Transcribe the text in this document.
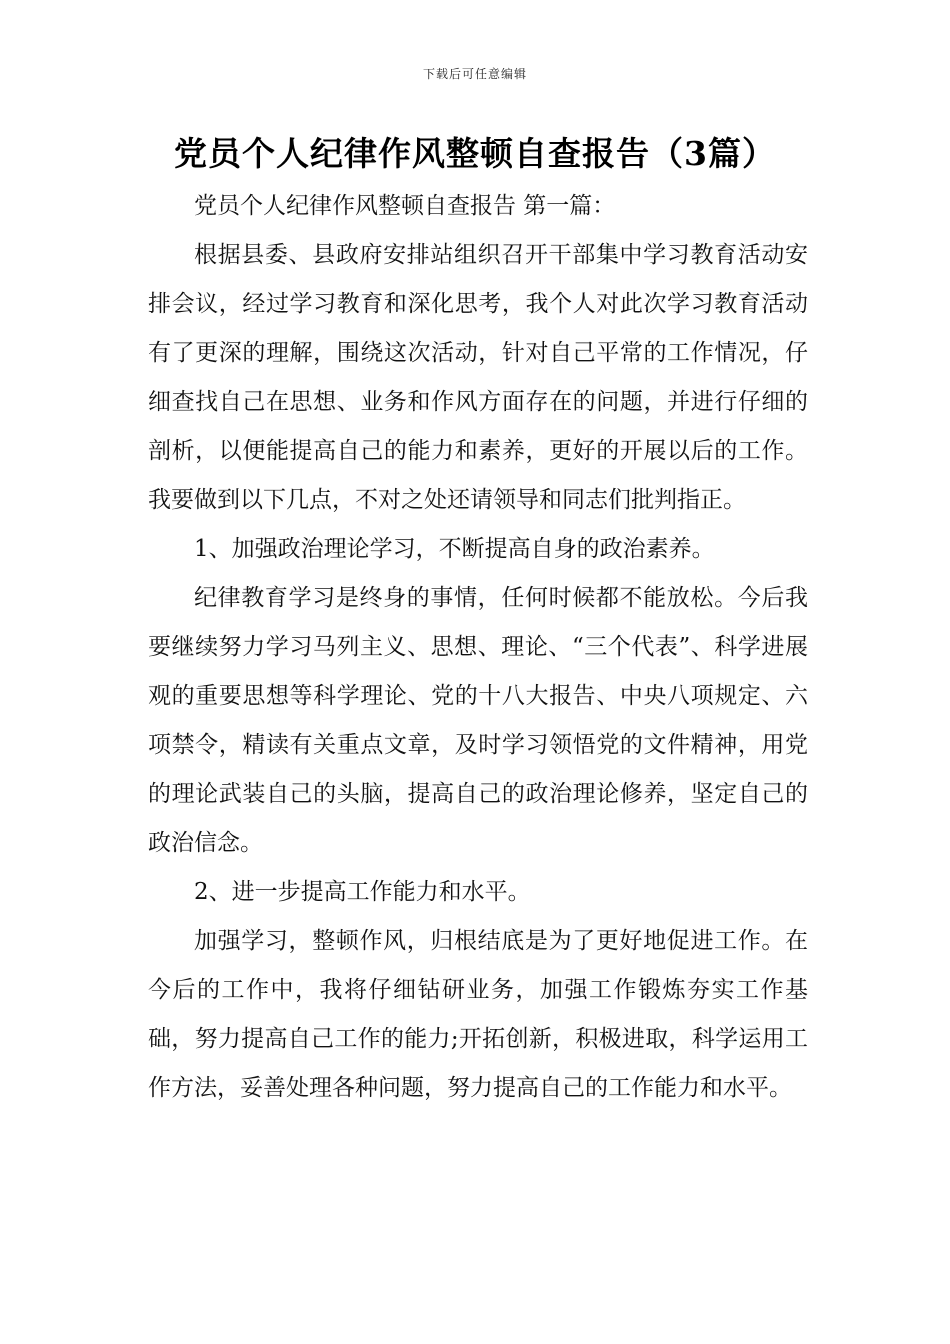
下载后可任意编辑
党员个人纪律作风整顿自查报告（3篇）

党员个人纪律作风整顿自查报告 第一篇：

根据县委、县政府安排站组织召开干部集中学习教育活动安排会议，经过学习教育和深化思考，我个人对此次学习教育活动有了更深的理解，围绕这次活动，针对自己平常的工作情况，仔细查找自己在思想、业务和作风方面存在的问题，并进行仔细的剖析，以便能提高自己的能力和素养，更好的开展以后的工作。我要做到以下几点，不对之处还请领导和同志们批判指正。

1、加强政治理论学习，不断提高自身的政治素养。

纪律教育学习是终身的事情，任何时候都不能放松。今后我要继续努力学习马列主义、思想、理论、“三个代表”、科学进展观的重要思想等科学理论、党的十八大报告、中央八项规定、六项禁令，精读有关重点文章，及时学习领悟党的文件精神，用党的理论武装自己的头脑，提高自己的政治理论修养，坚定自己的政治信念。

2、进一步提高工作能力和水平。

加强学习，整顿作风，归根结底是为了更好地促进工作。在今后的工作中，我将仔细钻研业务，加强工作锻炼夯实工作基础，努力提高自己工作的能力;开拓创新，积极进取，科学运用工作方法，妥善处理各种问题，努力提高自己的工作能力和水平。
